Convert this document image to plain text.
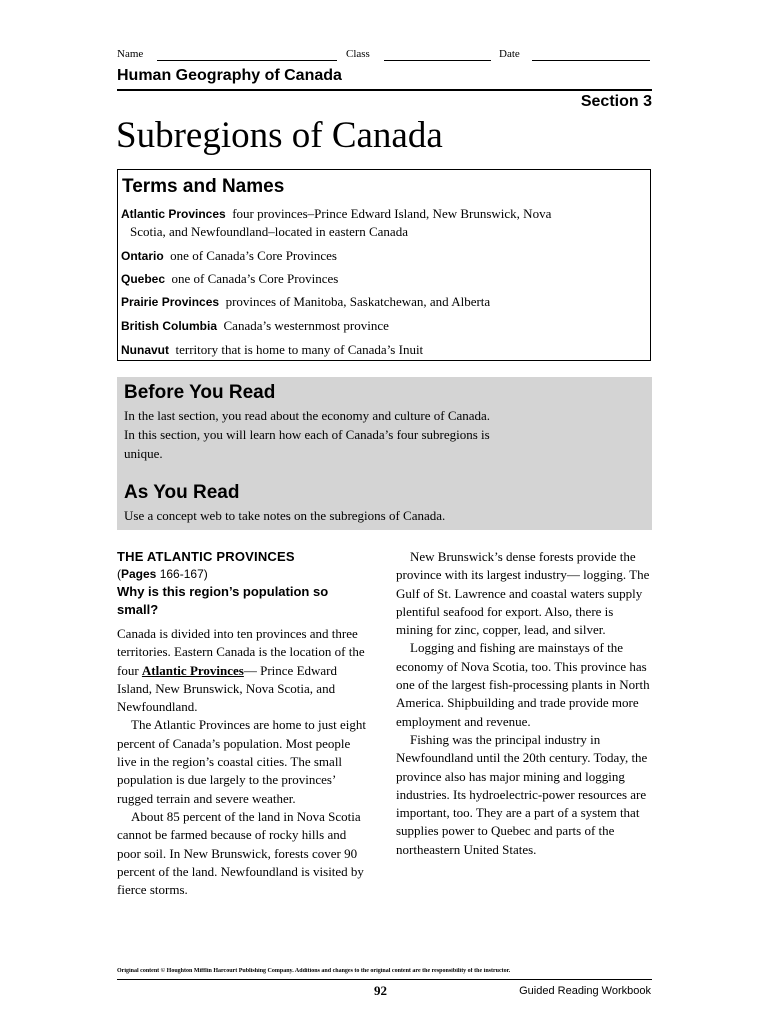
Name	Class	Date
Human Geography of Canada
Section 3
Subregions of Canada
Terms and Names
Atlantic Provinces four provinces–Prince Edward Island, New Brunswick, Nova
Scotia, and Newfoundland–located in eastern Canada
Ontario one of Canada’s Core Provinces
Quebec one of Canada’s Core Provinces
Prairie Provinces provinces of Manitoba, Saskatchewan, and Alberta
British Columbia Canada’s westernmost province
Nunavut territory that is home to many of Canada’s Inuit
Before You Read

In the last section, you read about the economy and culture of Canada.

In this section, you will learn how each of Canada’s four subregions is

unique.

As You Read

Use a concept web to take notes on the subregions of Canada.

THE ATLANTIC PROVINCES

(Pages 166-167)

Why is this region’s population so small?

Canada is divided into ten provinces and three territories. Eastern Canada is the location of the four Atlantic Provinces— Prince Edward Island, New Brunswick, Nova Scotia, and Newfoundland.

The Atlantic Provinces are home to just eight percent of Canada’s population. Most people live in the region’s coastal cities. The small population is due largely to the provinces’ rugged terrain and severe weather.

About 85 percent of the land in Nova Scotia cannot be farmed because of rocky hills and poor soil. In New Brunswick, forests cover 90 percent of the land. Newfoundland is visited by fierce storms.

New Brunswick’s dense forests provide the province with its largest industry— logging. The Gulf of St. Lawrence and coastal waters supply plentiful seafood for export. Also, there is mining for zinc, copper, lead, and silver.

Logging and fishing are mainstays of the economy of Nova Scotia, too. This province has one of the largest fish-processing plants in North America. Shipbuilding and trade provide more employment and revenue.

Fishing was the principal industry in Newfoundland until the 20th century. Today, the province also has major mining and logging industries. Its hydroelectric-power resources are important, too. They are a part of a system that supplies power to Quebec and parts of the northeastern United States.

Original content © Houghton Mifflin Harcourt Publishing Company. Additions and changes to the original content are the responsibility of the instructor.
92	Guided Reading Workbook
